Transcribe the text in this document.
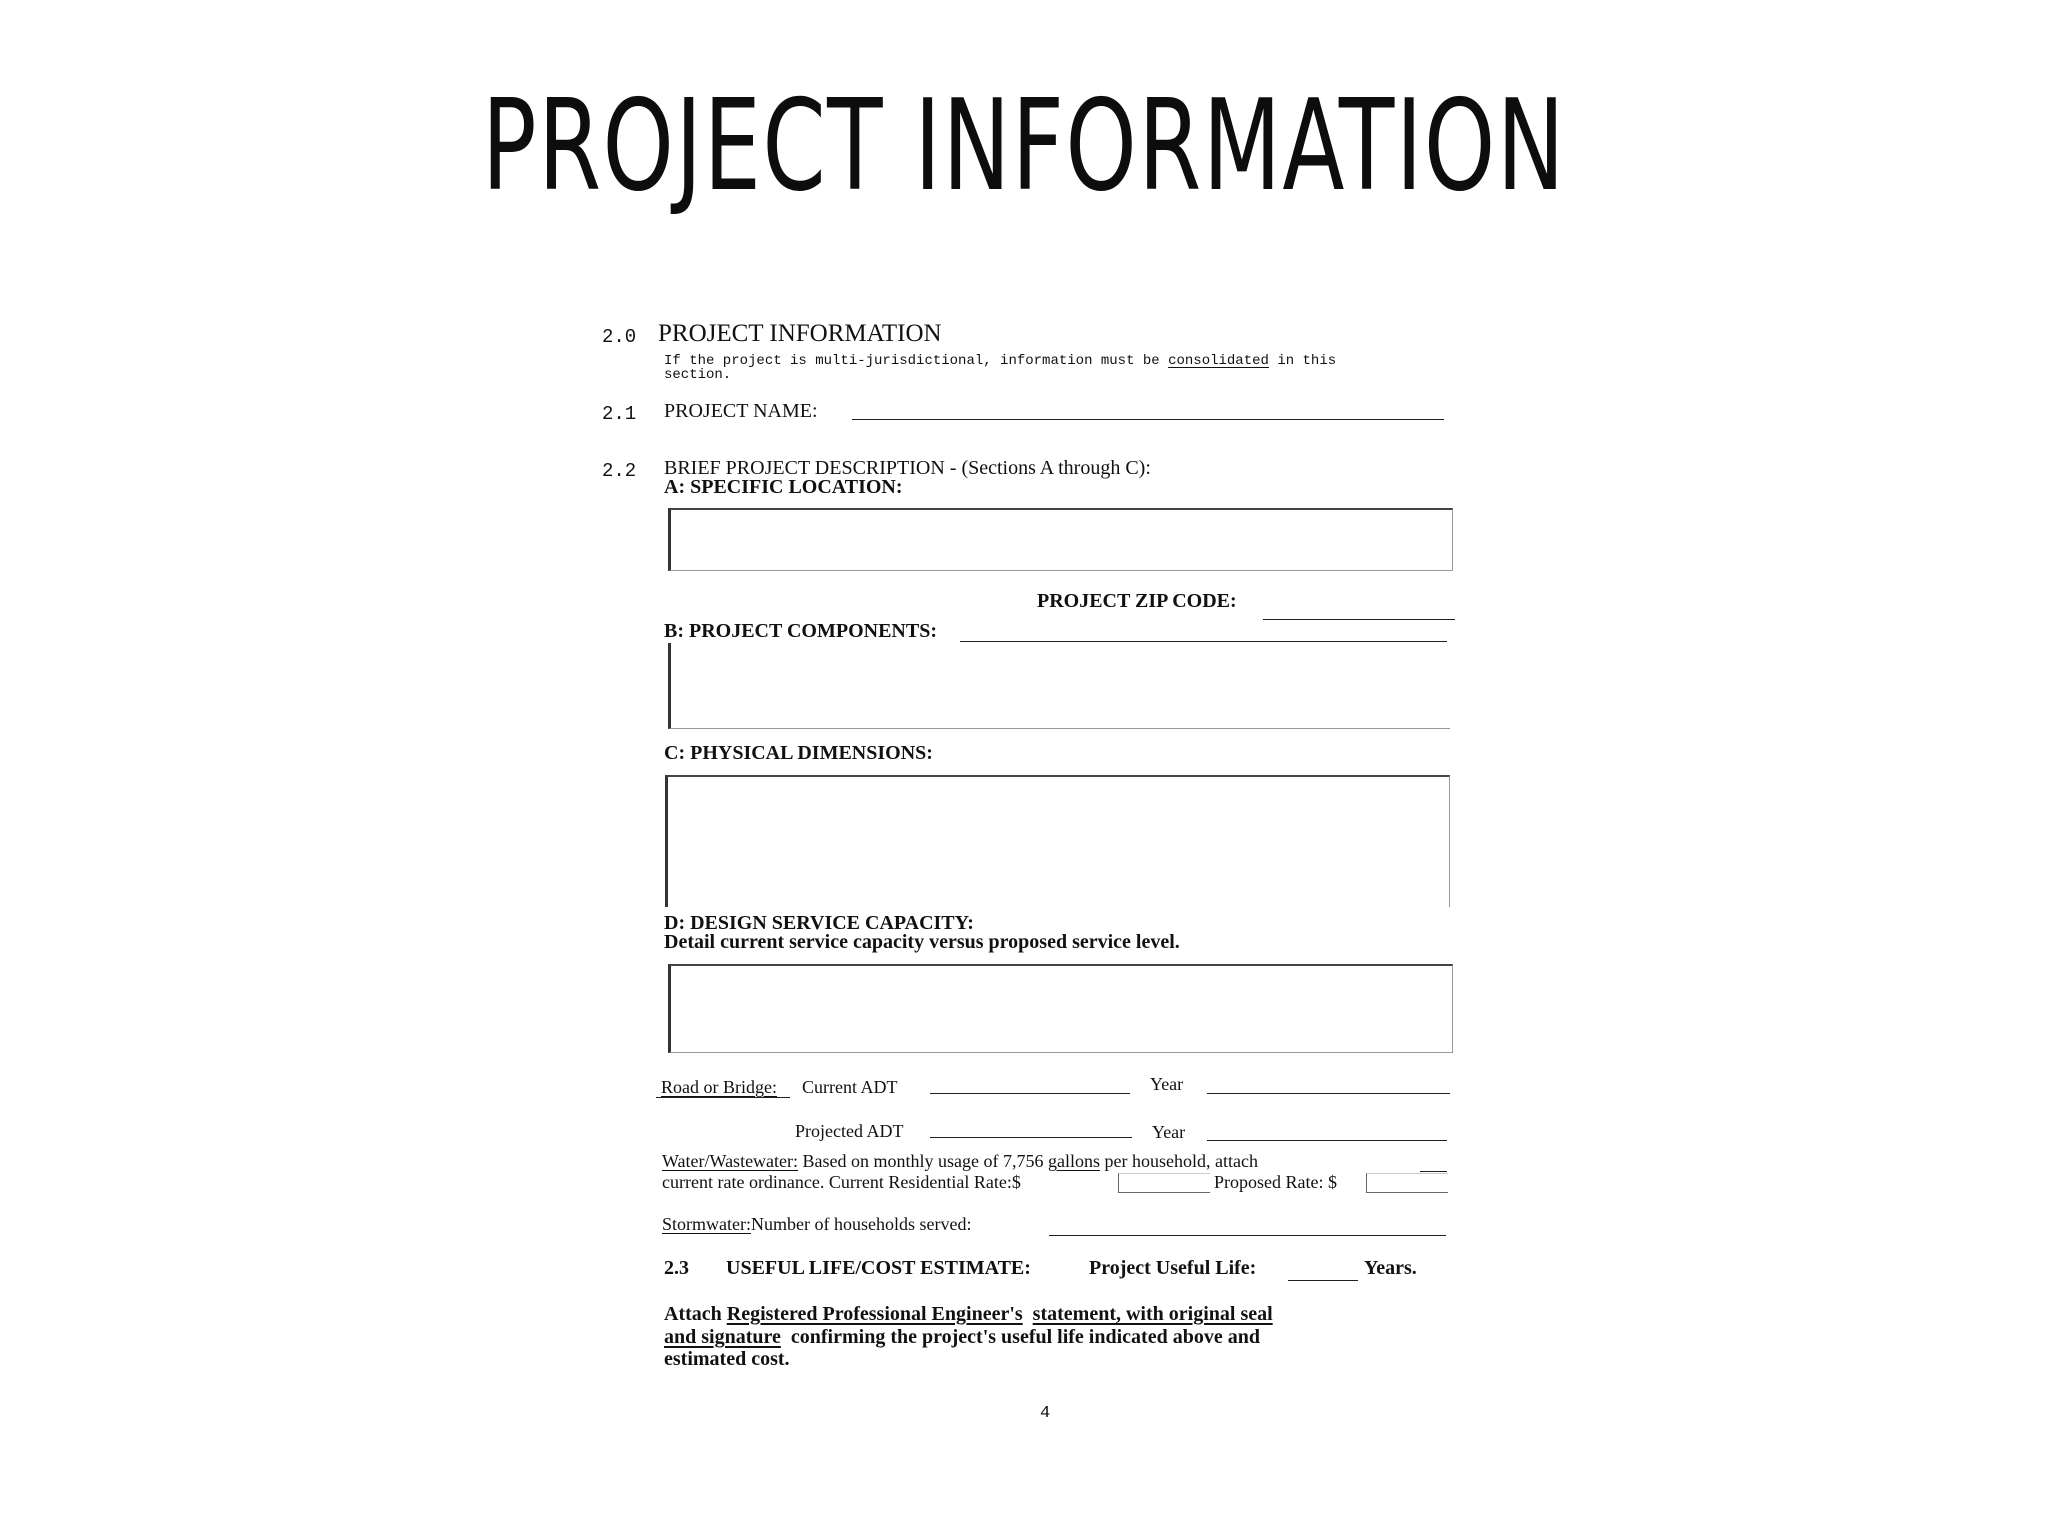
PROJECT INFORMATION
2.0 PROJECT INFORMATION
If the project is multi-jurisdictional, information must be consolidated in this
section.
2.1 PROJECT NAME:
2.2 BRIEF PROJECT DESCRIPTION - (Sections A through C):
A: SPECIFIC LOCATION:
PROJECT ZIP CODE:
B: PROJECT COMPONENTS:
C: PHYSICAL DIMENSIONS:
D: DESIGN SERVICE CAPACITY:
Detail current service capacity versus proposed service level.
Road or Bridge: Current ADT	Year
Projected ADT	Year
Water/Wastewater: Based on monthly usage of 7,756 gallons per household, attach
current rate ordinance. Current Residential Rate:$	Proposed Rate: $
Stormwater:Number of households served:
2.3 USEFUL LIFE/COST ESTIMATE:	Project Useful Life:	Years.
Attach Registered Professional Engineer's statement, with original seal
and signature confirming the project's useful life indicated above and
estimated cost.
4
